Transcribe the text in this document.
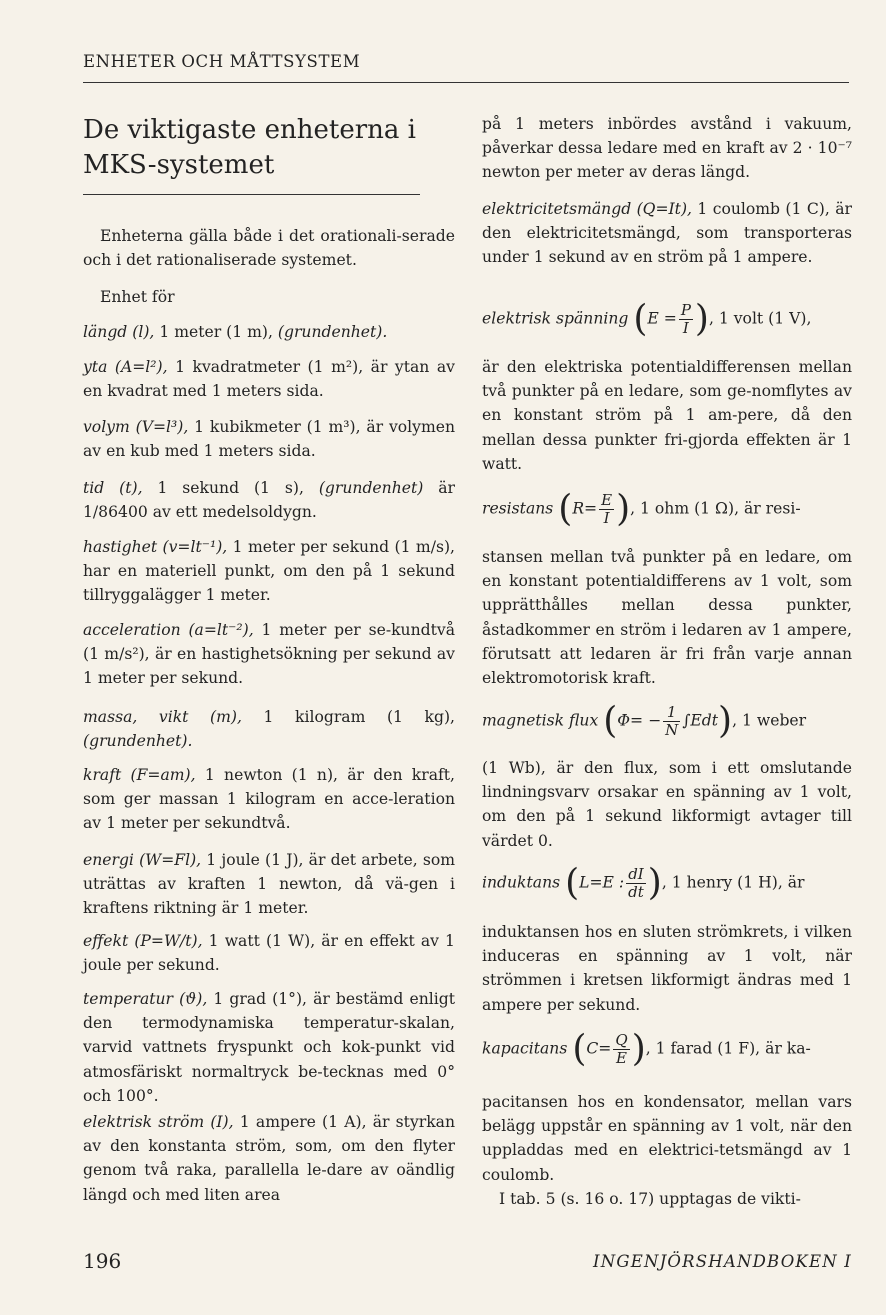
ENHETER OCH MÅTTSYSTEM
De viktigaste enheterna i
MKS-systemet

Enheterna gälla både i det orationali-serade och i det rationaliserade systemet.

Enhet för

längd (l), 1 meter (1 m), (grundenhet).

yta (A=l²), 1 kvadratmeter (1 m²), är ytan av en kvadrat med 1 meters sida.

volym (V=l³), 1 kubikmeter (1 m³), är volymen av en kub med 1 meters sida.

tid (t), 1 sekund (1 s), (grundenhet) är 1/86400 av ett medelsoldygn.

hastighet (v=lt⁻¹), 1 meter per sekund (1 m/s), har en materiell punkt, om den på 1 sekund tillryggalägger 1 meter.

acceleration (a=lt⁻²), 1 meter per se-kundtvå (1 m/s²), är en hastighetsökning per sekund av 1 meter per sekund.

massa, vikt (m), 1 kilogram (1 kg), (grundenhet).

kraft (F=am), 1 newton (1 n), är den kraft, som ger massan 1 kilogram en acce-leration av 1 meter per sekundtvå.

energi (W=Fl), 1 joule (1 J), är det arbete, som uträttas av kraften 1 newton, då vä-gen i kraftens riktning är 1 meter.

effekt (P=W/t), 1 watt (1 W), är en effekt av 1 joule per sekund.

temperatur (ϑ), 1 grad (1°), är bestämd enligt den termodynamiska temperatur-skalan, varvid vattnets fryspunkt och kok-punkt vid atmosfäriskt normaltryck be-tecknas med 0° och 100°.

elektrisk ström (I), 1 ampere (1 A), är styrkan av den konstanta ström, som, om den flyter genom två raka, parallella le-dare av oändlig längd och med liten area

på 1 meters inbördes avstånd i vakuum, påverkar dessa ledare med en kraft av 2 · 10⁻⁷ newton per meter av deras längd.

elektricitetsmängd (Q=It), 1 coulomb (1 C), är den elektricitetsmängd, som transporteras under 1 sekund av en ström på 1 ampere.

elektrisk spänning ($E = \frac{P}{I}$ ), 1 volt (1 V),

är den elektriska potentialdifferensen mellan två punkter på en ledare, som ge-nomflytes av en konstant ström på 1 am-pere, då den mellan dessa punkter fri-gjorda effekten är 1 watt.

resistans ($R= \frac{E}{I}$ ), 1 ohm (1 Ω), är resi-

stansen mellan två punkter på en ledare, om en konstant potentialdifferens av 1 volt, som upprätthålles mellan dessa punkter, åstadkommer en ström i ledaren av 1 ampere, förutsatt att ledaren är fri från varje annan elektromotorisk kraft.

magnetisk flux $(\Phi= - \frac{1}{N} \int Edt)$, 1 weber

(1 Wb), är den flux, som i ett omslutande lindningsvarv orsakar en spänning av 1 volt, om den på 1 sekund likformigt avtager till värdet 0.

induktans (L=E : $\frac{dI}{dt}$ ), 1 henry (1 H), är

induktansen hos en sluten strömkrets, i vilken induceras en spänning av 1 volt, när strömmen i kretsen likformigt ändras med 1 ampere per sekund.

kapacitans ($C= \frac{Q}{E}$ ), 1 farad (1 F), är ka-

pacitansen hos en kondensator, mellan vars belägg uppstår en spänning av 1 volt, när den uppladdas med en elektrici-tetsmängd av 1 coulomb.

I tab. 5 (s. 16 o. 17) upptagas de vikti-

196	INGENJÖRSHANDBOKEN I
